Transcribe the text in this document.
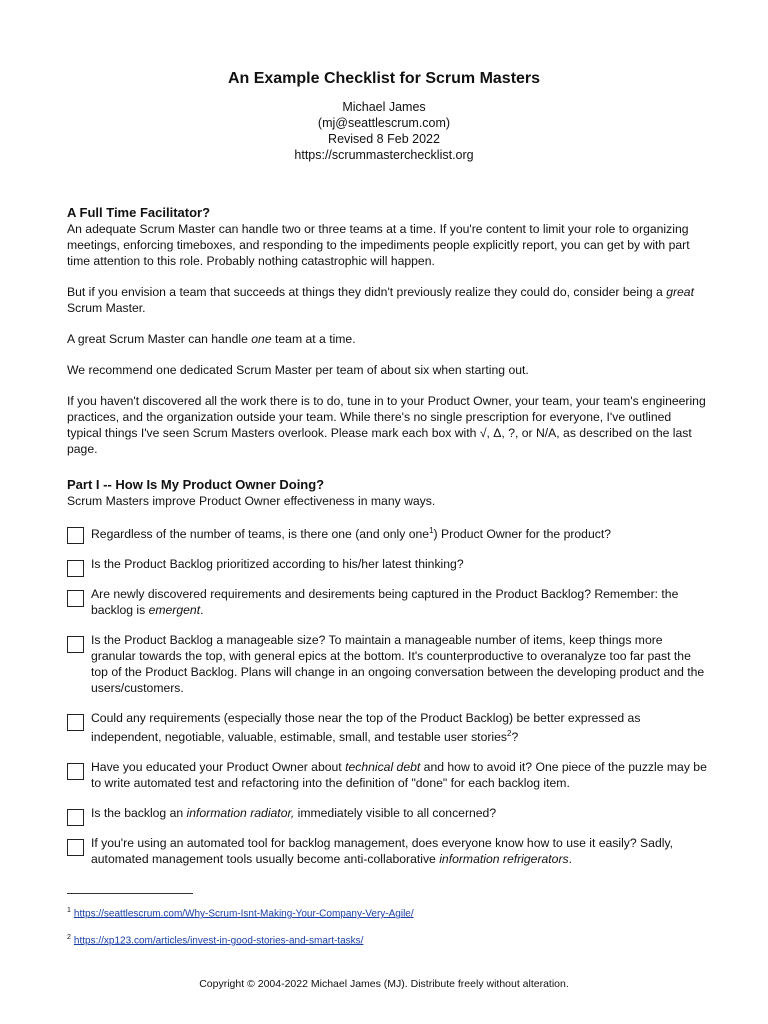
An Example Checklist for Scrum Masters
Michael James
(mj@seattlescrum.com)
Revised 8 Feb 2022
https://scrummasterchecklist.org
A Full Time Facilitator?

An adequate Scrum Master can handle two or three teams at a time. If you're content to limit your role to organizing meetings, enforcing timeboxes, and responding to the impediments people explicitly report, you can get by with part time attention to this role. Probably nothing catastrophic will happen.

But if you envision a team that succeeds at things they didn't previously realize they could do, consider being a great Scrum Master.

A great Scrum Master can handle one team at a time.

We recommend one dedicated Scrum Master per team of about six when starting out.

If you haven't discovered all the work there is to do, tune in to your Product Owner, your team, your team's engineering practices, and the organization outside your team. While there's no single prescription for everyone, I've outlined typical things I've seen Scrum Masters overlook. Please mark each box with √, Δ, ?, or N/A, as described on the last page.

Part I -- How Is My Product Owner Doing?

Scrum Masters improve Product Owner effectiveness in many ways.

Regardless of the number of teams, is there one (and only one$^1$) Product Owner for the product?
Is the Product Backlog prioritized according to his/her latest thinking?
Are newly discovered requirements and desirements being captured in the Product Backlog? Remember: the backlog is emergent.
Is the Product Backlog a manageable size? To maintain a manageable number of items, keep things more granular towards the top, with general epics at the bottom. It's counterproductive to overanalyze too far past the top of the Product Backlog. Plans will change in an ongoing conversation between the developing product and the users/customers.
Could any requirements (especially those near the top of the Product Backlog) be better expressed as independent, negotiable, valuable, estimable, small, and testable user stories$^2$?
Have you educated your Product Owner about technical debt and how to avoid it? One piece of the puzzle may be to write automated test and refactoring into the definition of "done" for each backlog item.
Is the backlog an information radiator, immediately visible to all concerned?
If you're using an automated tool for backlog management, does everyone know how to use it easily? Sadly, automated management tools usually become anti-collaborative information refrigerators.
$^1$ https://seattlescrum.com/Why-Scrum-Isnt-Making-Your-Company-Very-Agile/
$^2$ https://xp123.com/articles/invest-in-good-stories-and-smart-tasks/
Copyright © 2004-2022 Michael James (MJ). Distribute freely without alteration.
